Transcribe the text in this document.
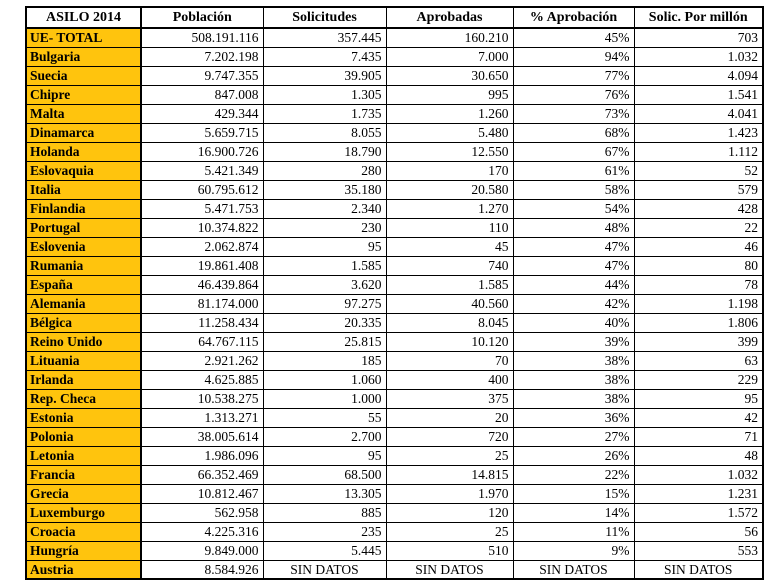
ASILO 2014	Población	Solicitudes	Aprobadas	% Aprobación	Solic. Por millón
UE- TOTAL	508.191.116	357.445	160.210	45%	703
Bulgaria	7.202.198	7.435	7.000	94%	1.032
Suecia	9.747.355	39.905	30.650	77%	4.094
Chipre	847.008	1.305	995	76%	1.541
Malta	429.344	1.735	1.260	73%	4.041
Dinamarca	5.659.715	8.055	5.480	68%	1.423
Holanda	16.900.726	18.790	12.550	67%	1.112
Eslovaquia	5.421.349	280	170	61%	52
Italia	60.795.612	35.180	20.580	58%	579
Finlandia	5.471.753	2.340	1.270	54%	428
Portugal	10.374.822	230	110	48%	22
Eslovenia	2.062.874	95	45	47%	46
Rumania	19.861.408	1.585	740	47%	80
España	46.439.864	3.620	1.585	44%	78
Alemania	81.174.000	97.275	40.560	42%	1.198
Bélgica	11.258.434	20.335	8.045	40%	1.806
Reino Unido	64.767.115	25.815	10.120	39%	399
Lituania	2.921.262	185	70	38%	63
Irlanda	4.625.885	1.060	400	38%	229
Rep. Checa	10.538.275	1.000	375	38%	95
Estonia	1.313.271	55	20	36%	42
Polonia	38.005.614	2.700	720	27%	71
Letonia	1.986.096	95	25	26%	48
Francia	66.352.469	68.500	14.815	22%	1.032
Grecia	10.812.467	13.305	1.970	15%	1.231
Luxemburgo	562.958	885	120	14%	1.572
Croacia	4.225.316	235	25	11%	56
Hungría	9.849.000	5.445	510	9%	553
Austria	8.584.926	SIN DATOS	SIN DATOS	SIN DATOS	SIN DATOS
